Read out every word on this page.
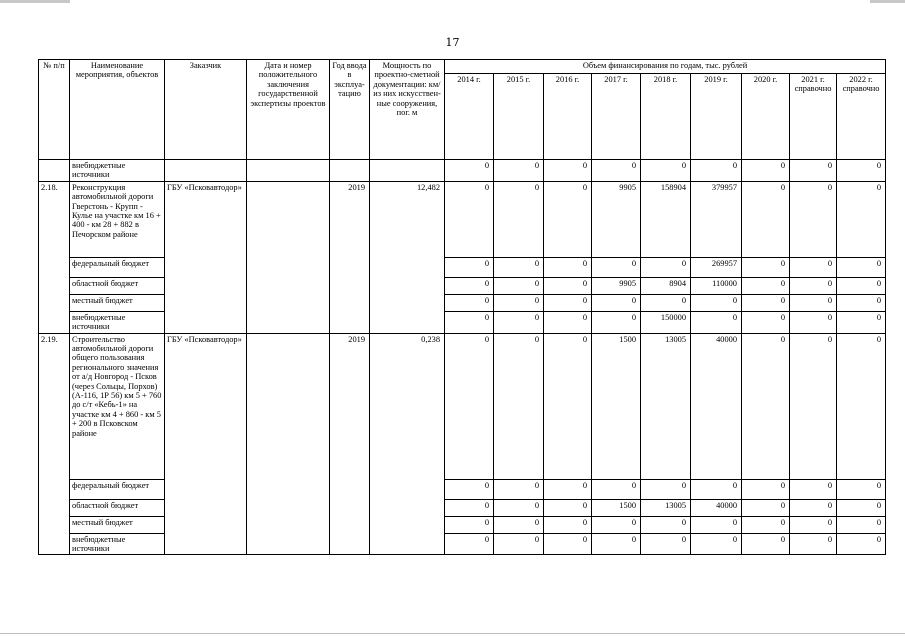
17
№ п/п	Наименование мероприятия, объектов	Заказчик	Дата и номер положительного заключения государственной экспертизы проектов	Год ввода в эксплуатацию	Мощность по проектно-сметной документации: км/из них искусственные сооружения, пог. м	Объем финансирования по годам, тыс. рублей								
						2014 г.	2015 г.	2016 г.	2017 г.	2018 г.	2019 г.	2020 г.	2021 г. справочно	2022 г. справочно
	внебюджетные источники					0	0	0	0	0	0	0	0	0
2.18.	Реконструкция автомобильной дороги Гверстонь - Крупп - Кулье на участке км 16 + 400 - км 28 + 882 в Печорском районе	ГБУ «Псковавтодор»		2019	12,482	0	0	0	9905	158904	379957	0	0	0
	федеральный бюджет					0	0	0	0	0	269957	0	0	0
	областной бюджет					0	0	0	9905	8904	110000	0	0	0
	местный бюджет					0	0	0	0	0	0	0	0	0
	внебюджетные источники					0	0	0	0	150000	0	0	0	0
2.19.	Строительство автомобильной дороги общего пользования регионального значения от а/д Новгород - Псков (через Сольцы, Порхов) (А-116, 1Р 56) км 5 + 760 до с/т «Кебь-1» на участке км 4 + 860 - км 5 + 200 в Псковском районе	ГБУ «Псковавтодор»		2019	0,238	0	0	0	1500	13005	40000	0	0	0
	федеральный бюджет					0	0	0	0	0	0	0	0	0
	областной бюджет					0	0	0	1500	13005	40000	0	0	0
	местный бюджет					0	0	0	0	0	0	0	0	0
	внебюджетные источники					0	0	0	0	0	0	0	0	0
